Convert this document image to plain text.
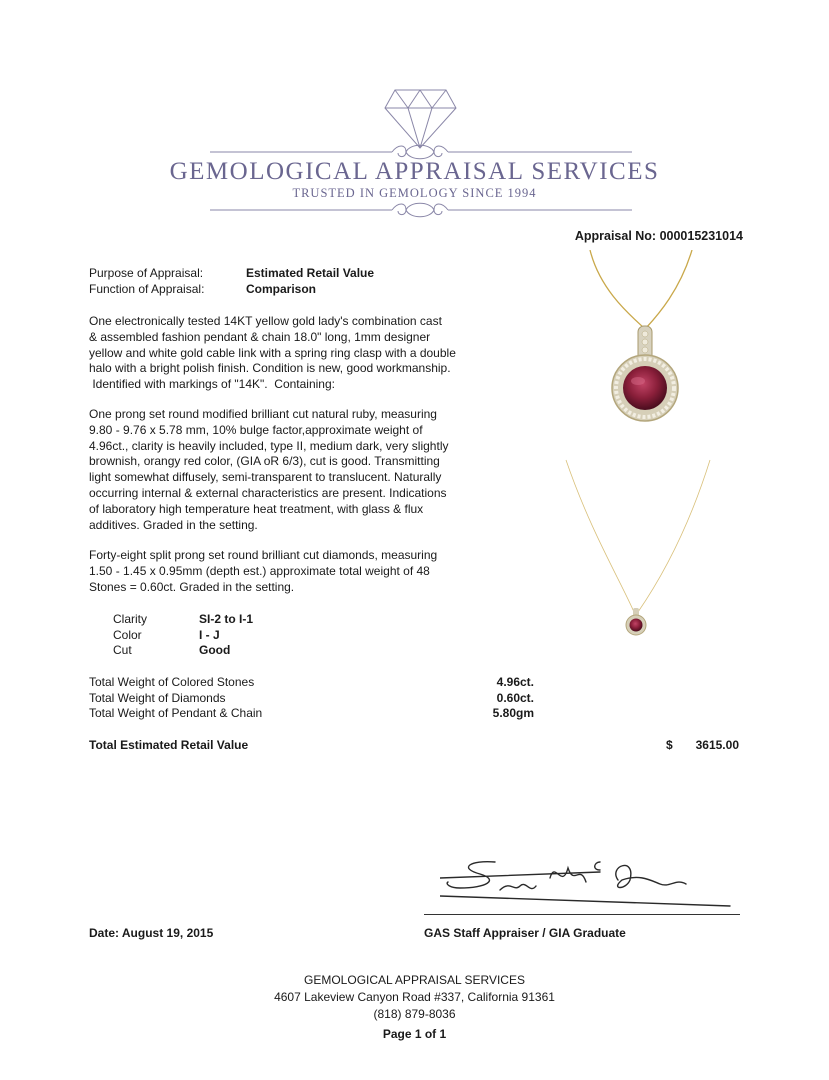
GEMOLOGICAL APPRAISAL SERVICES
TRUSTED IN GEMOLOGY SINCE 1994
Appraisal No: 000015231014
Purpose of Appraisal:	Estimated Retail Value
Function of Appraisal:	Comparison
One electronically tested 14KT yellow gold lady's combination cast
& assembled fashion pendant & chain 18.0" long, 1mm designer
yellow and white gold cable link with a spring ring clasp with a double
halo with a bright polish finish. Condition is new, good workmanship.
Identified with markings of "14K".  Containing:
One prong set round modified brilliant cut natural ruby, measuring
9.80 - 9.76 x 5.78 mm, 10% bulge factor,approximate weight of
4.96ct., clarity is heavily included, type II, medium dark, very slightly
brownish, orangy red color, (GIA oR 6/3), cut is good. Transmitting
light somewhat diffusely, semi-transparent to translucent. Naturally
occurring internal & external characteristics are present. Indications
of laboratory high temperature heat treatment, with glass & flux
additives. Graded in the setting.
Forty-eight split prong set round brilliant cut diamonds, measuring
1.50 - 1.45 x 0.95mm (depth est.) approximate total weight of 48
Stones = 0.60ct. Graded in the setting.
Clarity	SI-2 to I-1
Color	I - J
Cut	Good
Total Weight of Colored Stones	4.96ct.
Total Weight of Diamonds	0.60ct.
Total Weight of Pendant & Chain	5.80gm
Total Estimated Retail Value	$ 3615.00
Date: August 19, 2015	GAS Staff Appraiser / GIA Graduate
GEMOLOGICAL APPRAISAL SERVICES
4607 Lakeview Canyon Road #337, California 91361
(818) 879-8036
Page 1 of 1
